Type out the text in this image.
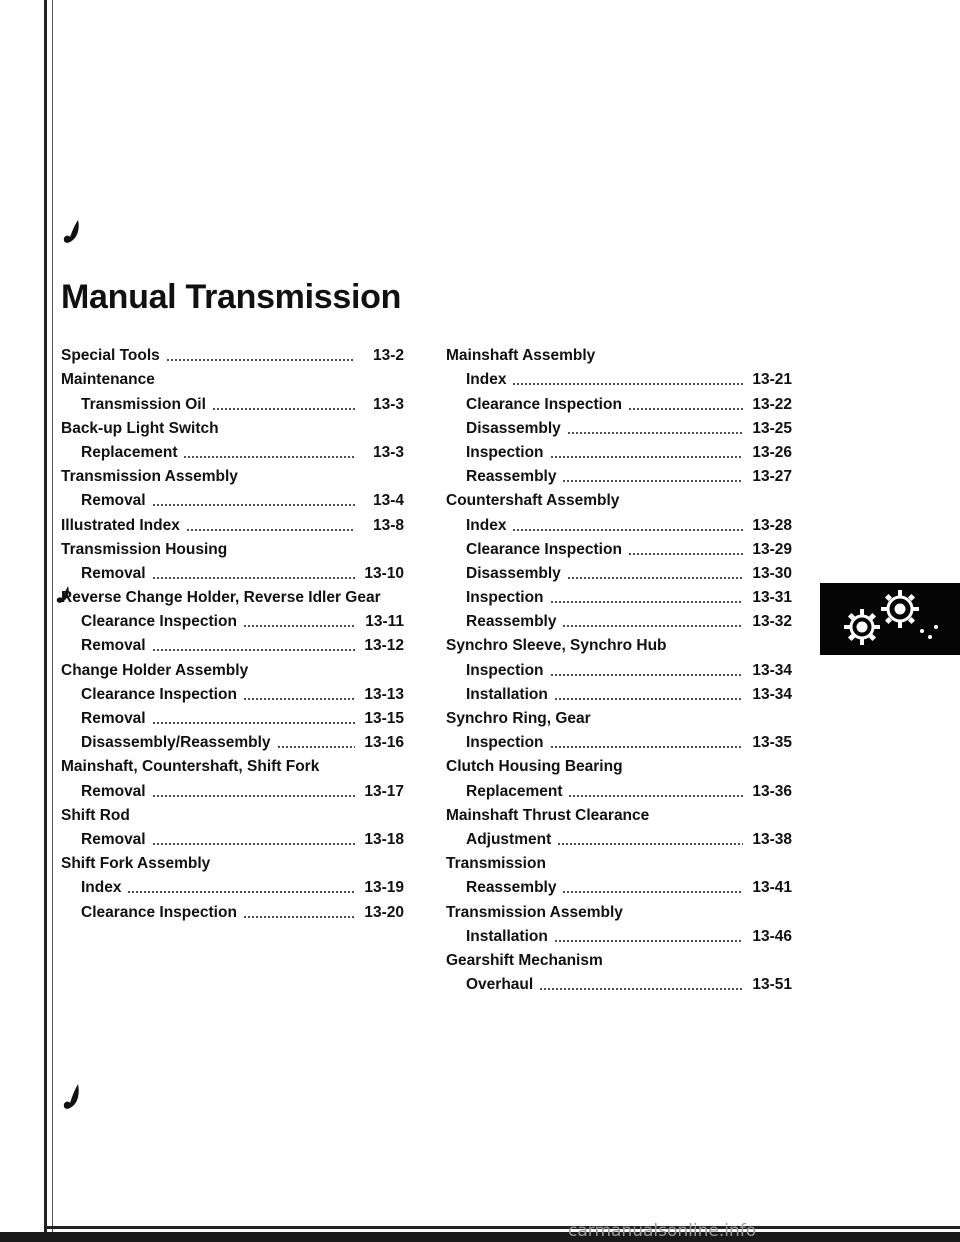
Manual Transmission
Special Tools	13-2
Maintenance
Transmission Oil	13-3
Back-up Light Switch
Replacement	13-3
Transmission Assembly
Removal	13-4
Illustrated Index	13-8
Transmission Housing
Removal	13-10
Reverse Change Holder, Reverse Idler Gear
Clearance Inspection	13-11
Removal	13-12
Change Holder Assembly
Clearance Inspection	13-13
Removal	13-15
Disassembly/Reassembly	13-16
Mainshaft, Countershaft, Shift Fork
Removal	13-17
Shift Rod
Removal	13-18
Shift Fork Assembly
Index	13-19
Clearance Inspection	13-20
Mainshaft Assembly
Index	13-21
Clearance Inspection	13-22
Disassembly	13-25
Inspection	13-26
Reassembly	13-27
Countershaft Assembly
Index	13-28
Clearance Inspection	13-29
Disassembly	13-30
Inspection	13-31
Reassembly	13-32
Synchro Sleeve, Synchro Hub
Inspection	13-34
Installation	13-34
Synchro Ring, Gear
Inspection	13-35
Clutch Housing Bearing
Replacement	13-36
Mainshaft Thrust Clearance
Adjustment	13-38
Transmission
Reassembly	13-41
Transmission Assembly
Installation	13-46
Gearshift Mechanism
Overhaul	13-51
carmanualsonline.info
